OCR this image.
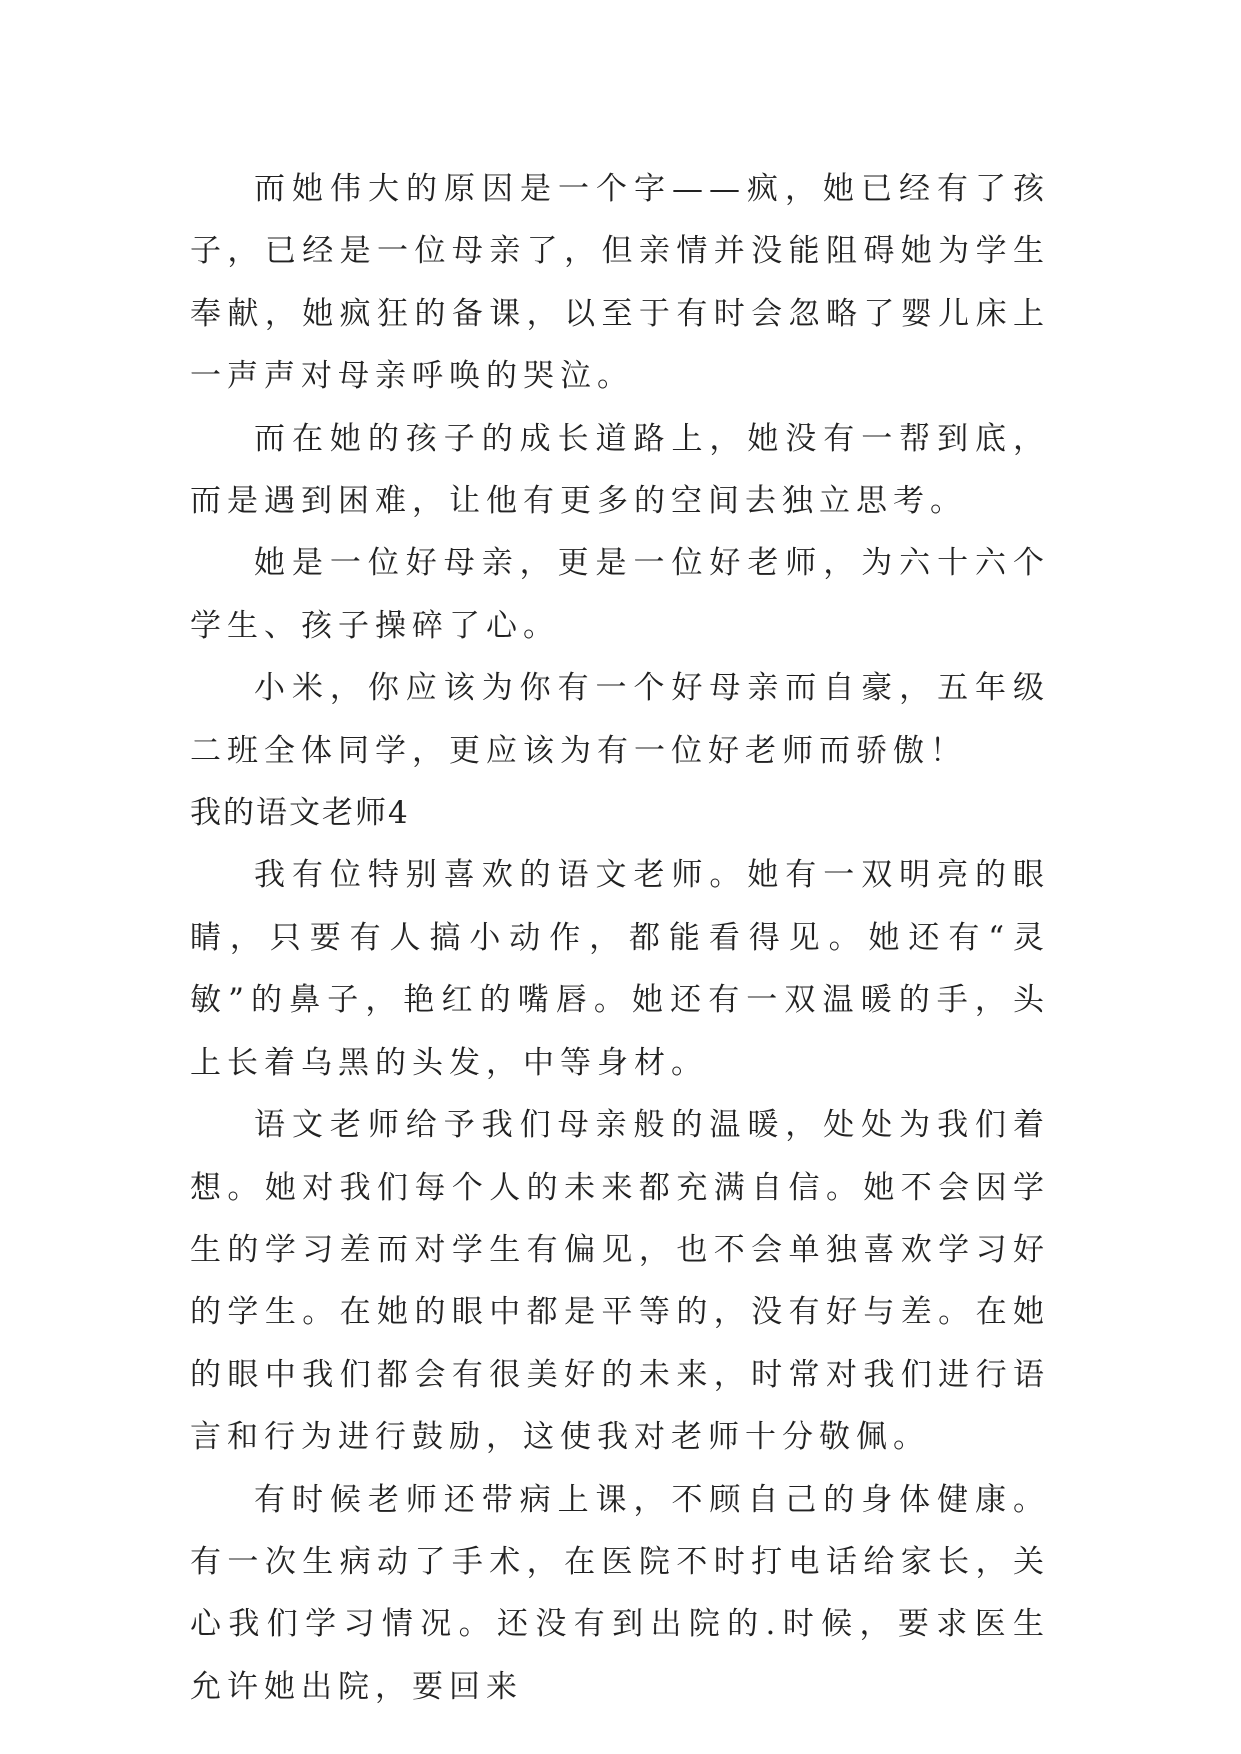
而她伟大的原因是一个字——疯，她已经有了孩子，已经是一位母亲了，但亲情并没能阻碍她为学生奉献，她疯狂的备课，以至于有时会忽略了婴儿床上一声声对母亲呼唤的哭泣。

而在她的孩子的成长道路上，她没有一帮到底，而是遇到困难，让他有更多的空间去独立思考。

她是一位好母亲，更是一位好老师，为六十六个学生、孩子操碎了心。

小米，你应该为你有一个好母亲而自豪，五年级二班全体同学，更应该为有一位好老师而骄傲！

我的语文老师4

我有位特别喜欢的语文老师。她有一双明亮的眼睛，只要有人搞小动作，都能看得见。她还有“灵敏”的鼻子，艳红的嘴唇。她还有一双温暖的手，头上长着乌黑的头发，中等身材。

语文老师给予我们母亲般的温暖，处处为我们着想。她对我们每个人的未来都充满自信。她不会因学生的学习差而对学生有偏见，也不会单独喜欢学习好的学生。在她的眼中都是平等的，没有好与差。在她的眼中我们都会有很美好的未来，时常对我们进行语言和行为进行鼓励，这使我对老师十分敬佩。

有时候老师还带病上课，不顾自己的身体健康。有一次生病动了手术，在医院不时打电话给家长，关心我们学习情况。还没有到出院的.时候，要求医生允许她出院，要回来
